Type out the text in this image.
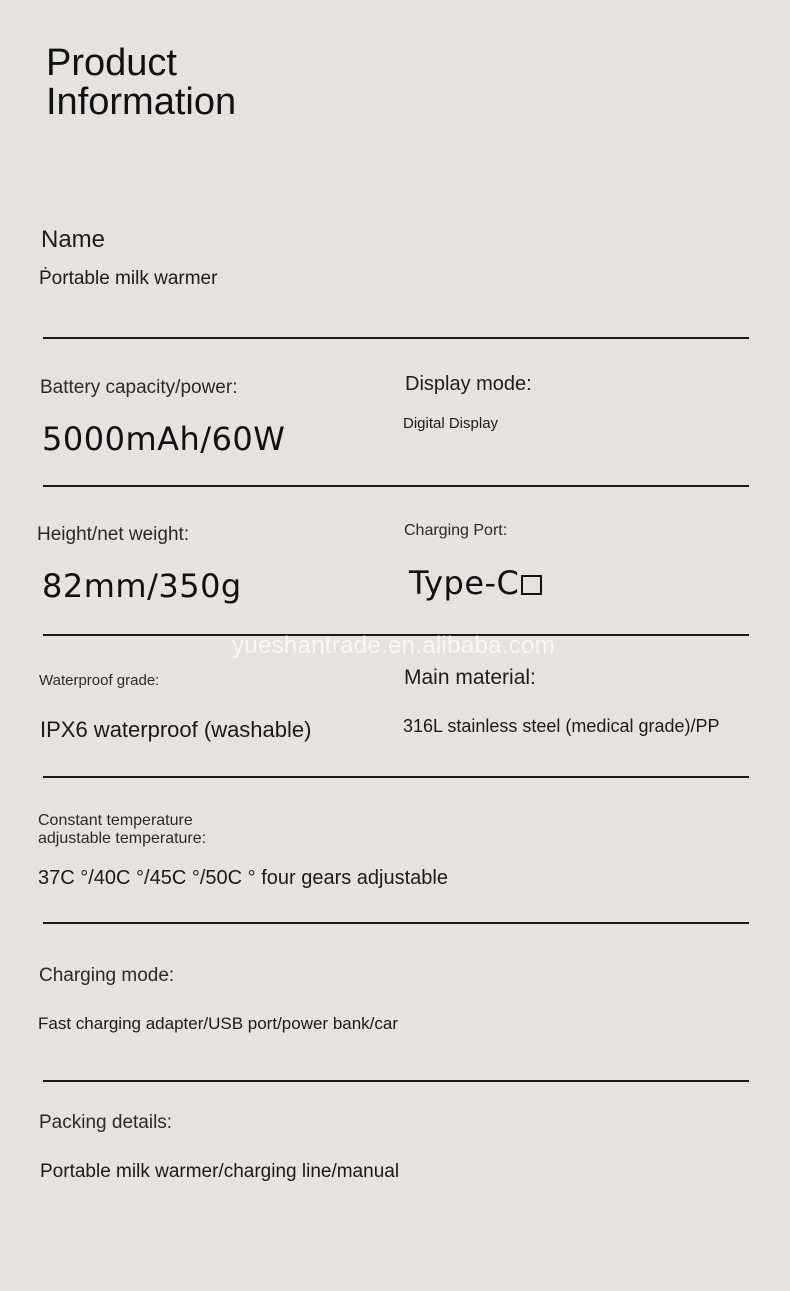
Product Information
Name
Ṗortable milk warmer
Battery capacity/power:
5000mAh/60W
Display mode:
Digital Display
Height/net weight:
82mm/350g
Charging Port:
Type-C
yueshantrade.en.alibaba.com
Waterproof grade:
IPX6 waterproof (washable)
Main material:
316L stainless steel (medical grade)/PP
Constant temperature adjustable temperature:
37C °/40C °/45C °/50C ° four gears adjustable
Charging mode:
Fast charging adapter/USB port/power bank/car
Packing details:
Portable milk warmer/charging line/manual
